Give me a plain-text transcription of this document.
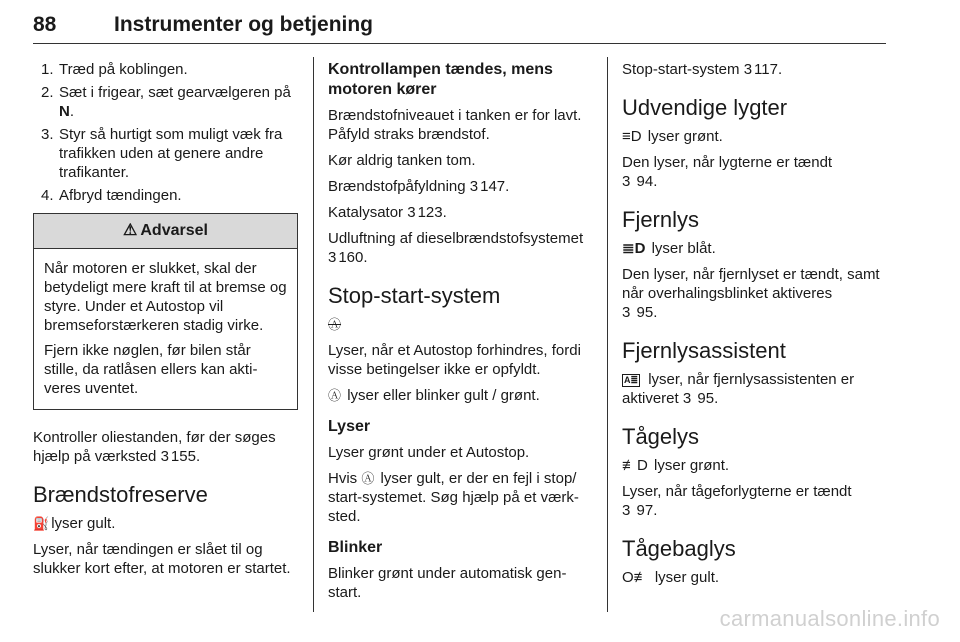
88	Instrumenter og betjening
1. Træd på koblingen.
2. Sæt i frigear, sæt gearvælgeren på N.
3. Styr så hurtigt som muligt væk fra trafikken uden at genere andre trafikanter.
4. Afbryd tændingen.
⚠ Advarsel

Når motoren er slukket, skal der betydeligt mere kraft til at bremse og styre. Under et Autostop vil bremseforstærkeren stadig virke.

Fjern ikke nøglen, før bilen står stille, da ratlåsen ellers kan aktiveres uventet.

Kontroller oliestanden, før der søges hjælp på værksted 3 155.

Brændstofreserve

⛽ lyser gult.

Lyser, når tændingen er slået til og slukker kort efter, at motoren er startet.

Kontrollampen tændes, mens motoren kører

Brændstofniveauet i tanken er for lavt. Påfyld straks brændstof.

Kør aldrig tanken tom.

Brændstofpåfyldning 3 147.

Katalysator 3 123.

Udluftning af dieselbrændstofsystemet 3 160.

Stop-start-system

Ⓐ

Lyser, når et Autostop forhindres, fordi visse betingelser ikke er opfyldt.

Ⓐ lyser eller blinker gult / grønt.

Lyser

Lyser grønt under et Autostop.

Hvis Ⓐ lyser gult, er der en fejl i stop/ start-systemet. Søg hjælp på et værksted.

Blinker

Blinker grønt under automatisk genstart.

Stop-start-system 3 117.

Udvendige lygter

≡D lyser grønt.

Den lyser, når lygterne er tændt
3 94.

Fjernlys

≣D lyser blåt.

Den lyser, når fjernlyset er tændt, samt når overhalingsblinket aktiveres
3 95.

Fjernlysassistent

A≣ lyser, når fjernlysassistenten er aktiveret 3 95.

Tågelys

≢D lyser grønt.

Lyser, når tågeforlygterne er tændt
3 97.

Tågebaglys

O≢ lyser gult.

carmanualsonline.info
